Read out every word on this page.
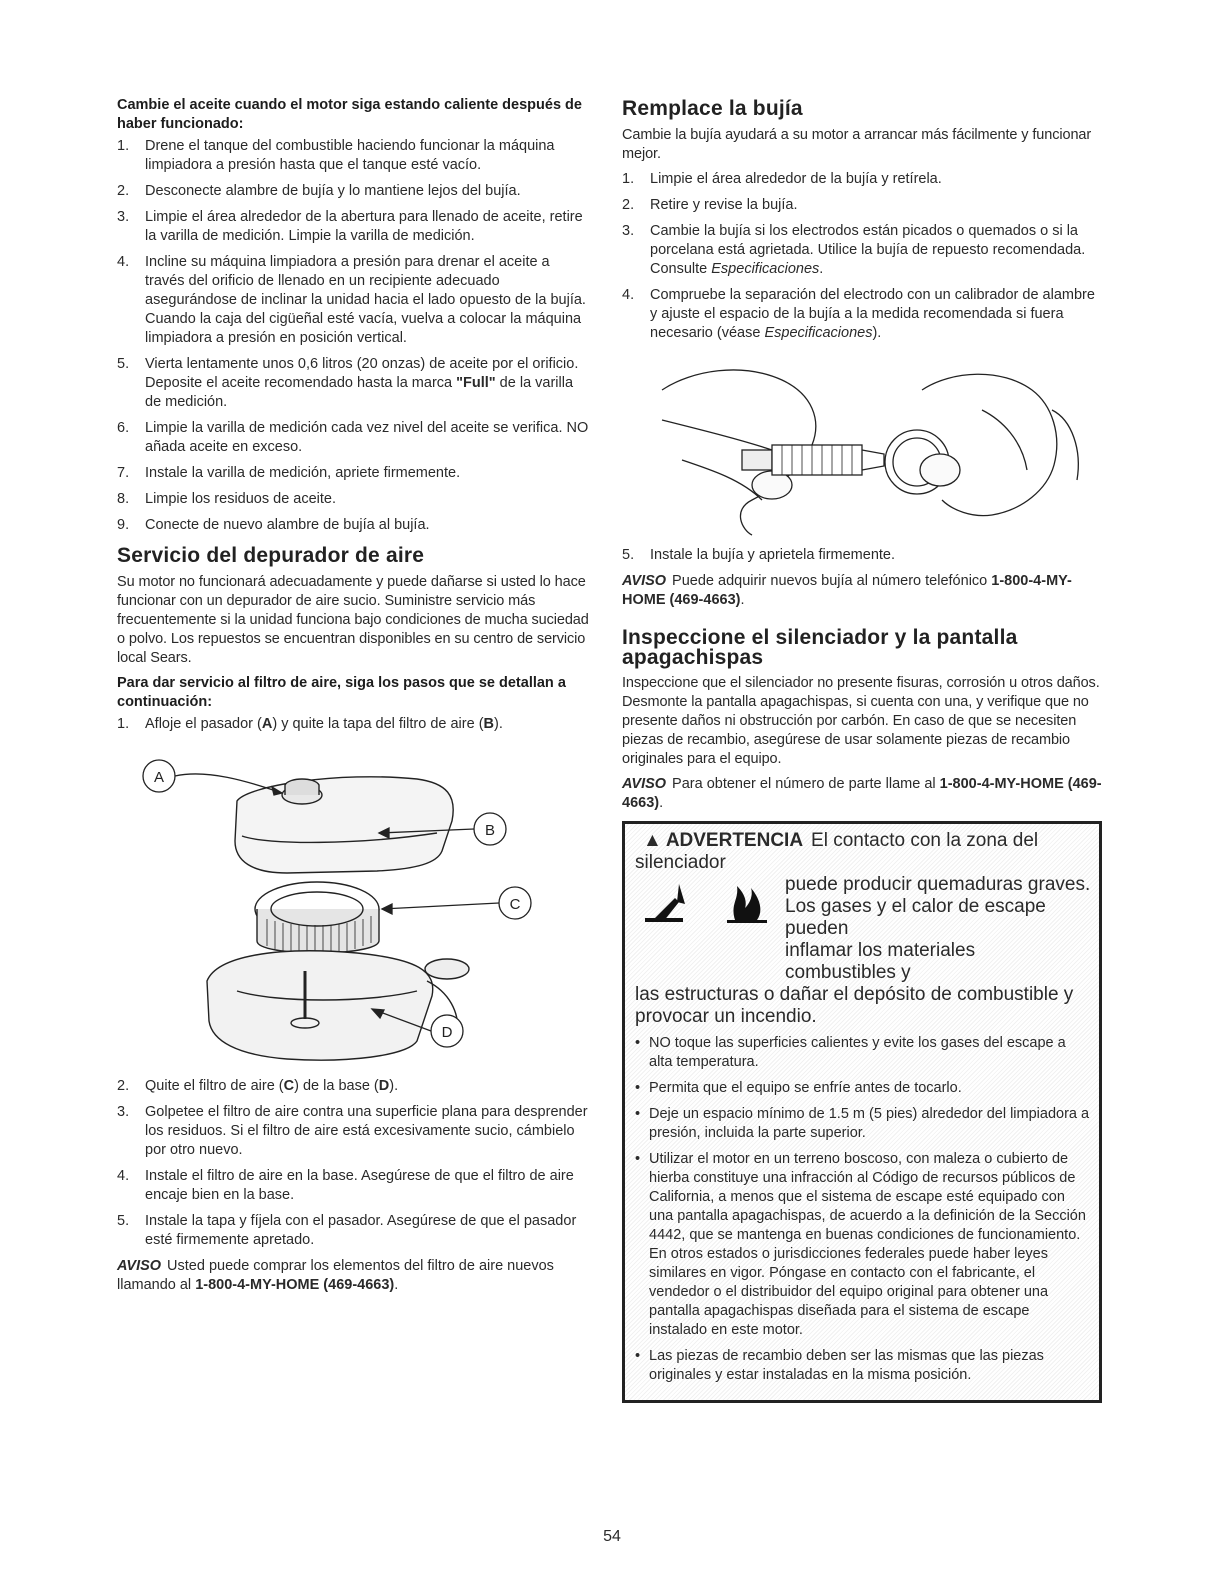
Cambie el aceite cuando el motor siga estando caliente después de haber funcionado:

1. Drene el tanque del combustible haciendo funcionar la máquina limpiadora a presión hasta que el tanque esté vacío.
2. Desconecte alambre de bujía y lo mantiene lejos del bujía.
3. Limpie el área alrededor de la abertura para llenado de aceite, retire la varilla de medición. Limpie la varilla de medición.
4. Incline su máquina limpiadora a presión para drenar el aceite a través del orificio de llenado en un recipiente adecuado asegurándose de inclinar la unidad hacia el lado opuesto de la bujía. Cuando la caja del cigüeñal esté vacía, vuelva a colocar la máquina limpiadora a presión en posición vertical.
5. Vierta lentamente unos 0,6 litros (20 onzas) de aceite por el orificio. Deposite el aceite recomendado hasta la marca "Full" de la varilla de medición.
6. Limpie la varilla de medición cada vez nivel del aceite se verifica. NO añada aceite en exceso.
7. Instale la varilla de medición, apriete firmemente.
8. Limpie los residuos de aceite.
9. Conecte de nuevo alambre de bujía al bujía.
Servicio del depurador de aire

Su motor no funcionará adecuadamente y puede dañarse si usted lo hace funcionar con un depurador de aire sucio. Suministre servicio más frecuentemente si la unidad funciona bajo condiciones de mucha suciedad o polvo. Los repuestos se encuentran disponibles en su centro de servicio local Sears.

Para dar servicio al filtro de aire, siga los pasos que se detallan a continuación:

1. Afloje el pasador (A) y quite la tapa del filtro de aire (B).
A
B
C
D
2. Quite el filtro de aire (C) de la base (D).
3. Golpetee el filtro de aire contra una superficie plana para desprender los residuos. Si el filtro de aire está excesivamente sucio, cámbielo por otro nuevo.
4. Instale el filtro de aire en la base. Asegúrese de que el filtro de aire encaje bien en la base.
5. Instale la tapa y fíjela con el pasador. Asegúrese de que el pasador esté firmemente apretado.

AVISO Usted puede comprar los elementos del filtro de aire nuevos llamando al 1-800-4-MY-HOME (469-4663).

Remplace la bujía

Cambie la bujía ayudará a su motor a arrancar más fácilmente y funcionar mejor.

1. Limpie el área alrededor de la bujía y retírela.
2. Retire y revise la bujía.
3. Cambie la bujía si los electrodos están picados o quemados o si la porcelana está agrietada. Utilice la bujía de repuesto recomendada. Consulte Especificaciones.
4. Compruebe la separación del electrodo con un calibrador de alambre y ajuste el espacio de la bujía a la medida recomendada si fuera necesario (véase Especificaciones).
5. Instale la bujía y aprietela firmemente.

AVISO Puede adquirir nuevos bujía al número telefónico 1-800-4-MY-HOME (469-4663).

Inspeccione el silenciador y la pantalla apagachispas

Inspeccione que el silenciador no presente fisuras, corrosión u otros daños. Desmonte la pantalla apagachispas, si cuenta con una, y verifique que no presente daños ni obstrucción por carbón. En caso de que se necesiten piezas de recambio, asegúrese de usar solamente piezas de recambio originales para el equipo.

AVISO Para obtener el número de parte llame al 1-800-4-MY-HOME (469-4663).

▲ ADVERTENCIA El contacto con la zona del silenciador
puede producir quemaduras graves.
Los gases y el calor de escape pueden
inflamar los materiales combustibles y
las estructuras o dañar el depósito de combustible y
provocar un incendio.
• NO toque las superficies calientes y evite los gases del escape a alta temperatura.
• Permita que el equipo se enfríe antes de tocarlo.
• Deje un espacio mínimo de 1.5 m (5 pies) alrededor del limpiadora a presión, incluida la parte superior.
• Utilizar el motor en un terreno boscoso, con maleza o cubierto de hierba constituye una infracción al Código de recursos públicos de California, a menos que el sistema de escape esté equipado con una pantalla apagachispas, de acuerdo a la definición de la Sección 4442, que se mantenga en buenas condiciones de funcionamiento. En otros estados o jurisdicciones federales puede haber leyes similares en vigor. Póngase en contacto con el fabricante, el vendedor o el distribuidor del equipo original para obtener una pantalla apagachispas diseñada para el sistema de escape instalado en este motor.
• Las piezas de recambio deben ser las mismas que las piezas originales y estar instaladas en la misma posición.
54
